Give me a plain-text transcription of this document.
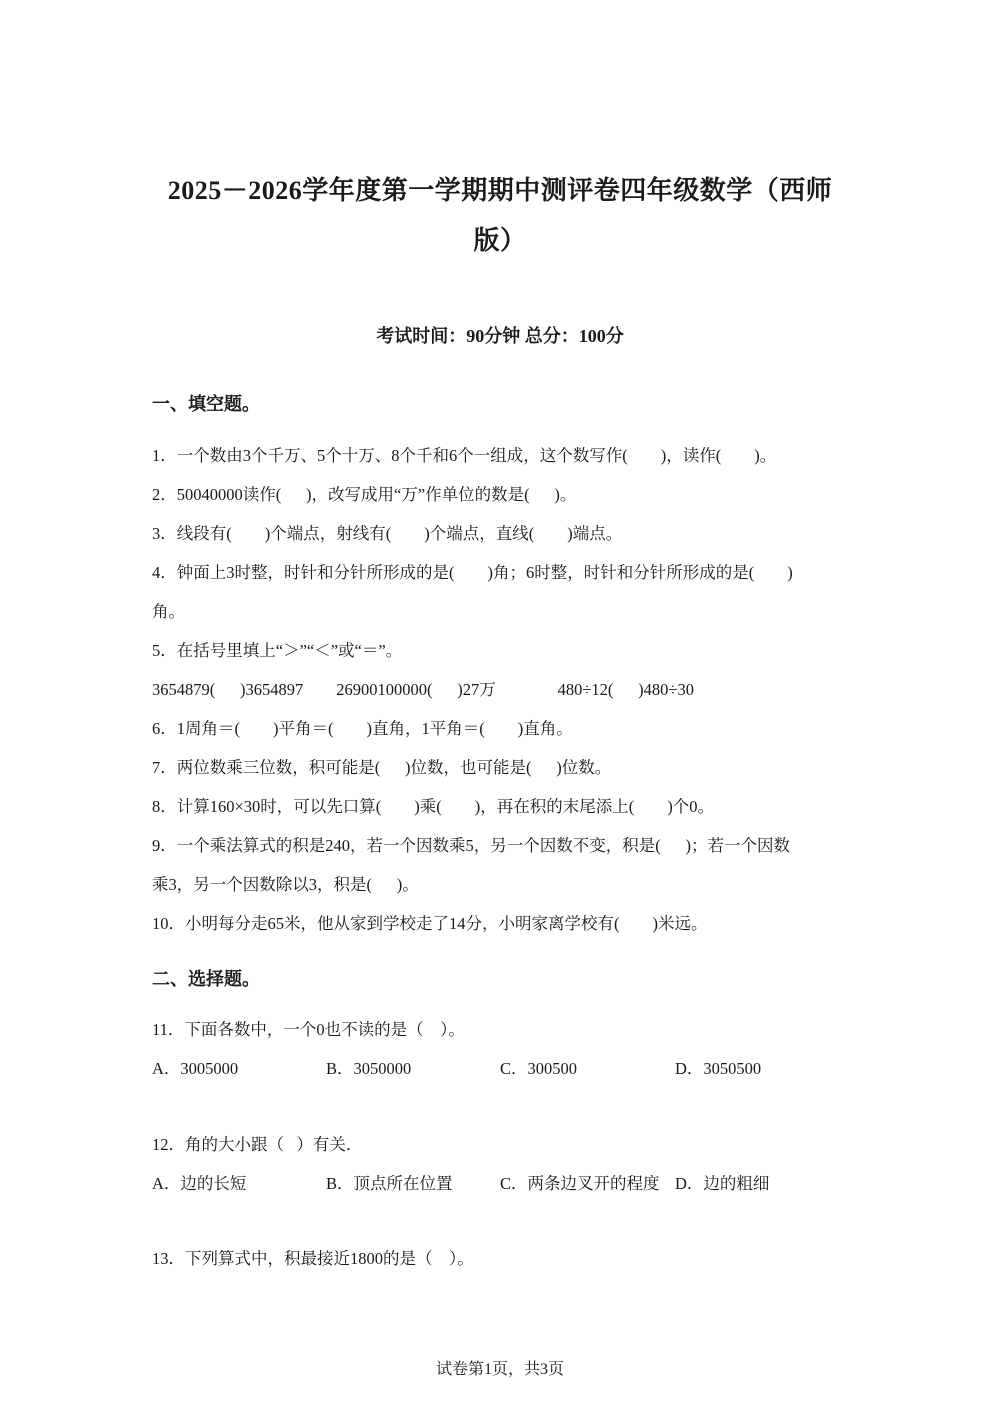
2025－2026学年度第一学期期中测评卷四年级数学（西师
版）
考试时间：90分钟 总分：100分
一、填空题。
1．一个数由3个千万、5个十万、8个千和6个一组成，这个数写作(        )，读作(        )。
2．50040000读作(      )，改写成用“万”作单位的数是(      )。
3．线段有(        )个端点，射线有(        )个端点，直线(        )端点。
4．钟面上3时整，时针和分针所形成的是(        )角；6时整，时针和分针所形成的是(        )
角。
5．在括号里填上“＞”“＜”或“＝”。
3654879(      )3654897        26900100000(      )27万               480÷12(      )480÷30
6．1周角＝(        )平角＝(        )直角，1平角＝(        )直角。
7．两位数乘三位数，积可能是(      )位数，也可能是(      )位数。
8．计算160×30时，可以先口算(        )乘(        )，再在积的末尾添上(        )个0。
9．一个乘法算式的积是240，若一个因数乘5，另一个因数不变，积是(      )；若一个因数
乘3，另一个因数除以3，积是(      )。
10．小明每分走65米，他从家到学校走了14分，小明家离学校有(        )米远。
二、选择题。
11．下面各数中，一个0也不读的是（    ）。
A．3005000	B．3050000	C．300500	D．3050500
12．角的大小跟（   ）有关．
A．边的长短	B．顶点所在位置	C．两条边叉开的程度 D．边的粗细
13．下列算式中，积最接近1800的是（    ）。
试卷第1页，共3页
